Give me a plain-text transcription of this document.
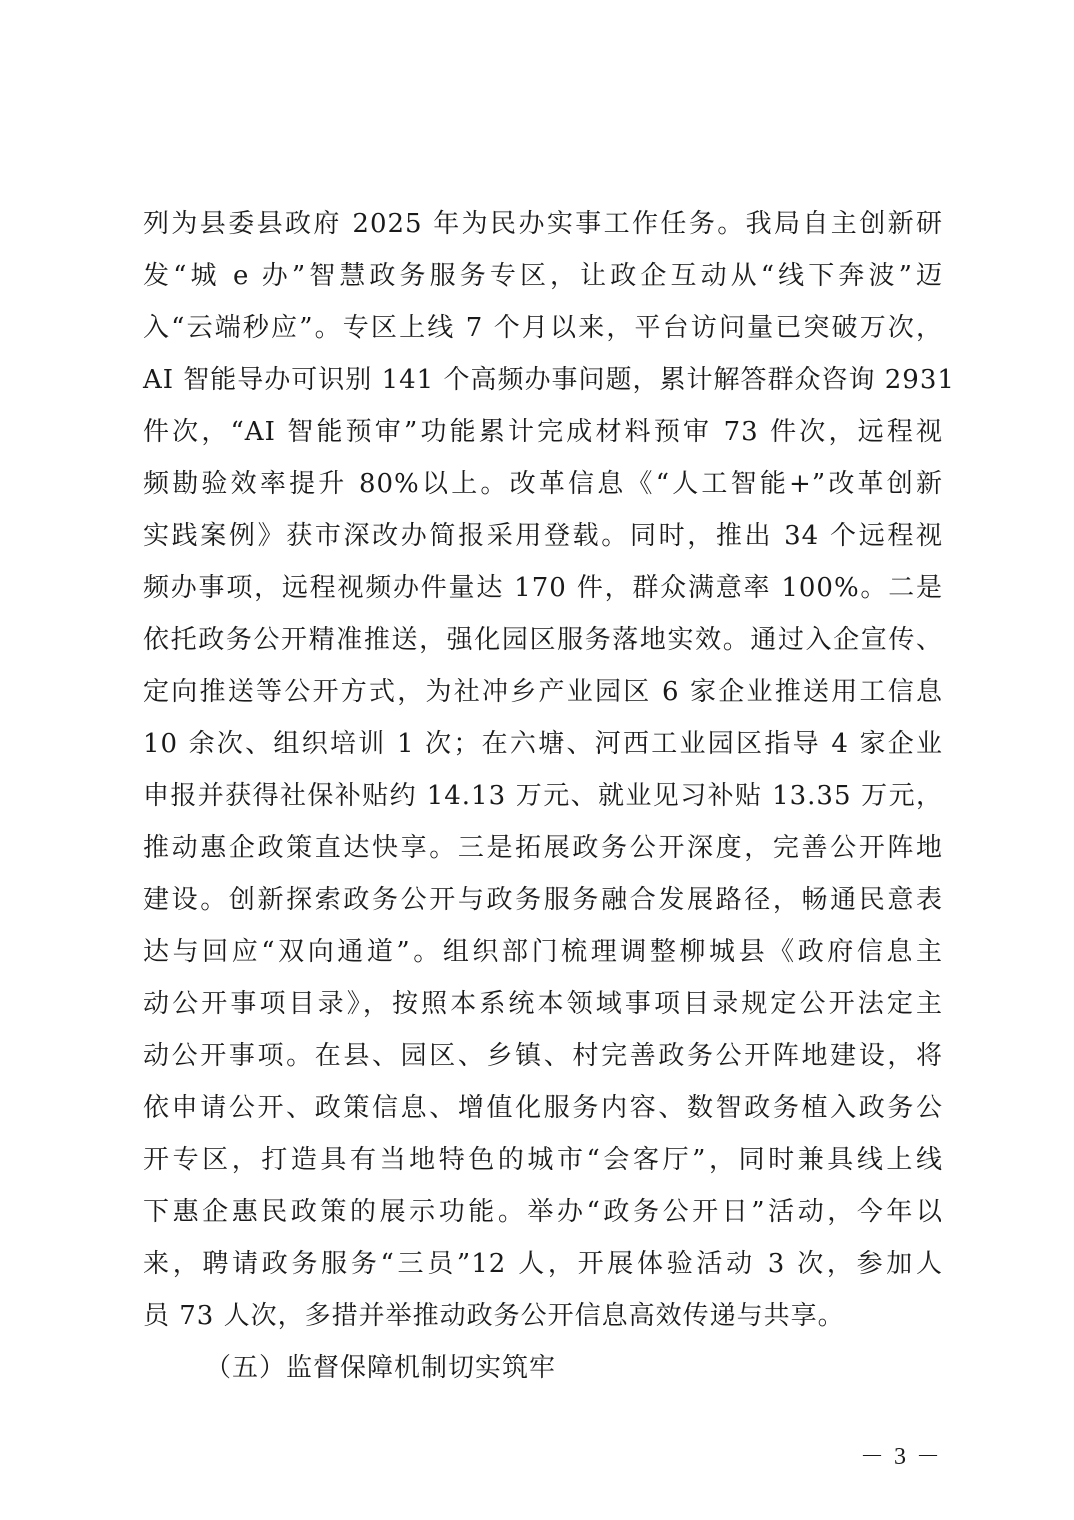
列为县委县政府 2025 年为民办实事工作任务。我局自主创新研
发“城 e 办”智慧政务服务专区，让政企互动从“线下奔波”迈
入“云端秒应”。专区上线 7 个月以来，平台访问量已突破万次，
AI 智能导办可识别 141 个高频办事问题，累计解答群众咨询 2931
件次，“AI 智能预审”功能累计完成材料预审 73 件次，远程视
频勘验效率提升 80%以上。改革信息《“人工智能+”改革创新
实践案例》获市深改办简报采用登载。同时，推出 34 个远程视
频办事项，远程视频办件量达 170 件，群众满意率 100%。二是
依托政务公开精准推送，强化园区服务落地实效。通过入企宣传、
定向推送等公开方式，为社冲乡产业园区 6 家企业推送用工信息
10 余次、组织培训 1 次；在六塘、河西工业园区指导 4 家企业
申报并获得社保补贴约 14.13 万元、就业见习补贴 13.35 万元，
推动惠企政策直达快享。三是拓展政务公开深度，完善公开阵地
建设。创新探索政务公开与政务服务融合发展路径，畅通民意表
达与回应“双向通道”。组织部门梳理调整柳城县《政府信息主
动公开事项目录》，按照本系统本领域事项目录规定公开法定主
动公开事项。在县、园区、乡镇、村完善政务公开阵地建设，将
依申请公开、政策信息、增值化服务内容、数智政务植入政务公
开专区，打造具有当地特色的城市“会客厅”，同时兼具线上线
下惠企惠民政策的展示功能。举办“政务公开日”活动，今年以
来，聘请政务服务“三员”12 人，开展体验活动 3 次，参加人
员 73 人次，多措并举推动政务公开信息高效传递与共享。
（五）监督保障机制切实筑牢
－ 3 －
